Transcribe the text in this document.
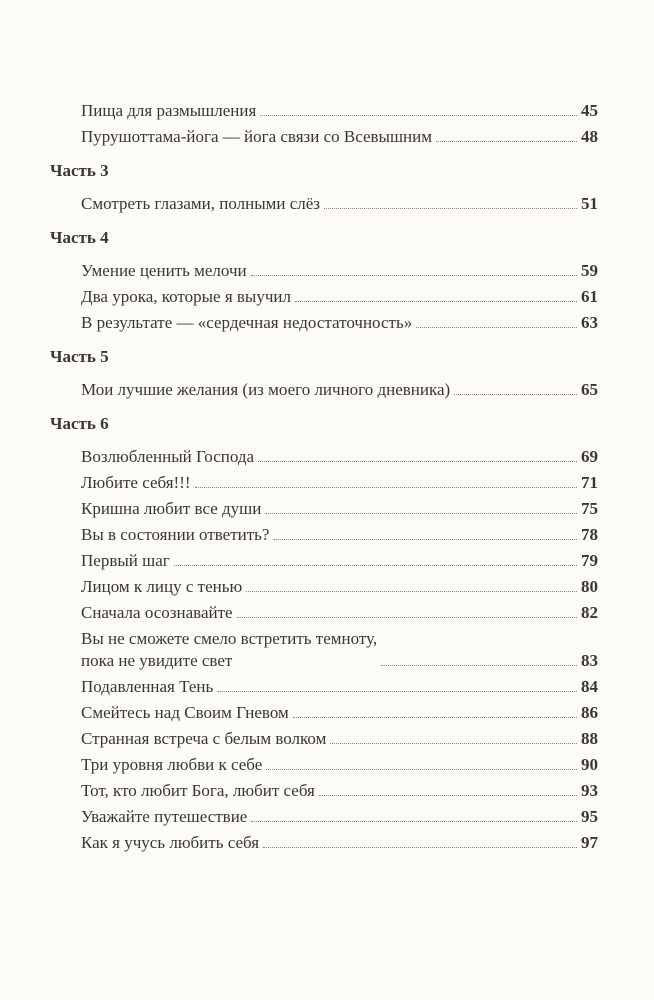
Пища для размышления	45
Пурушоттама-йога — йога связи со Всевышним	48
Часть 3
Смотреть глазами, полными слёз	51
Часть 4
Умение ценить мелочи	59
Два урока, которые я выучил	61
В результате — «сердечная недостаточность»	63
Часть 5
Мои лучшие желания (из моего личного дневника)	65
Часть 6
Возлюбленный Господа	69
Любите себя!!!	71
Кришна любит все души	75
Вы в состоянии ответить?	78
Первый шаг	79
Лицом к лицу с тенью	80
Сначала осознавайте	82
Вы не сможете смело встретить темноту,
пока не увидите свет	83
Подавленная Тень	84
Смейтесь над Своим Гневом	86
Странная встреча с белым волком	88
Три уровня любви к себе	90
Тот, кто любит Бога, любит себя	93
Уважайте путешествие	95
Как я учусь любить себя	97
